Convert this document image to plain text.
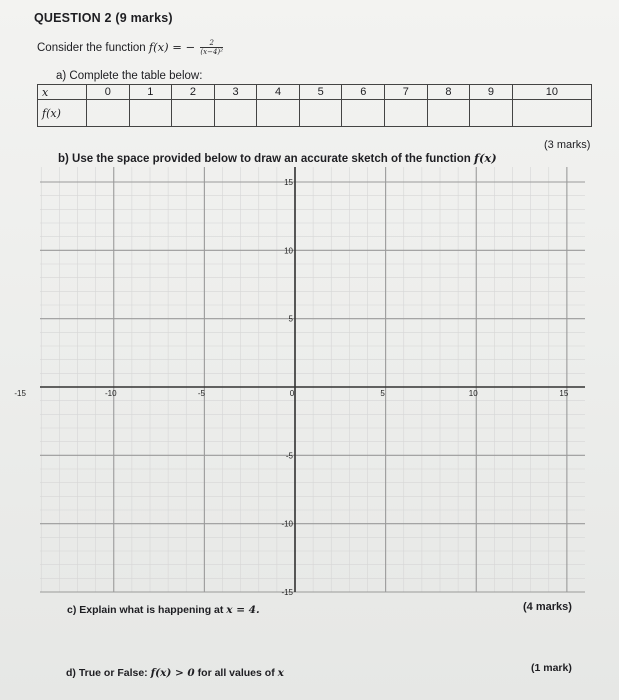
QUESTION 2 (9 marks)
Consider the function f(x) = − $\frac{2}{\text{(x−4)²}}$
a) Complete the table below:
x	0	1	2	3	4	5	6	7	8	9	10
f(x)											
(3 marks)
b) Use the space provided below to draw an accurate sketch of the function f(x)
-15	-10	-5	0	5	10	15
15
10
5
-5
-10
-15
c) Explain what is happening at x = 4.	(4 marks)
d) True or False: f(x) > 0 for all values of x	(1 mark)
